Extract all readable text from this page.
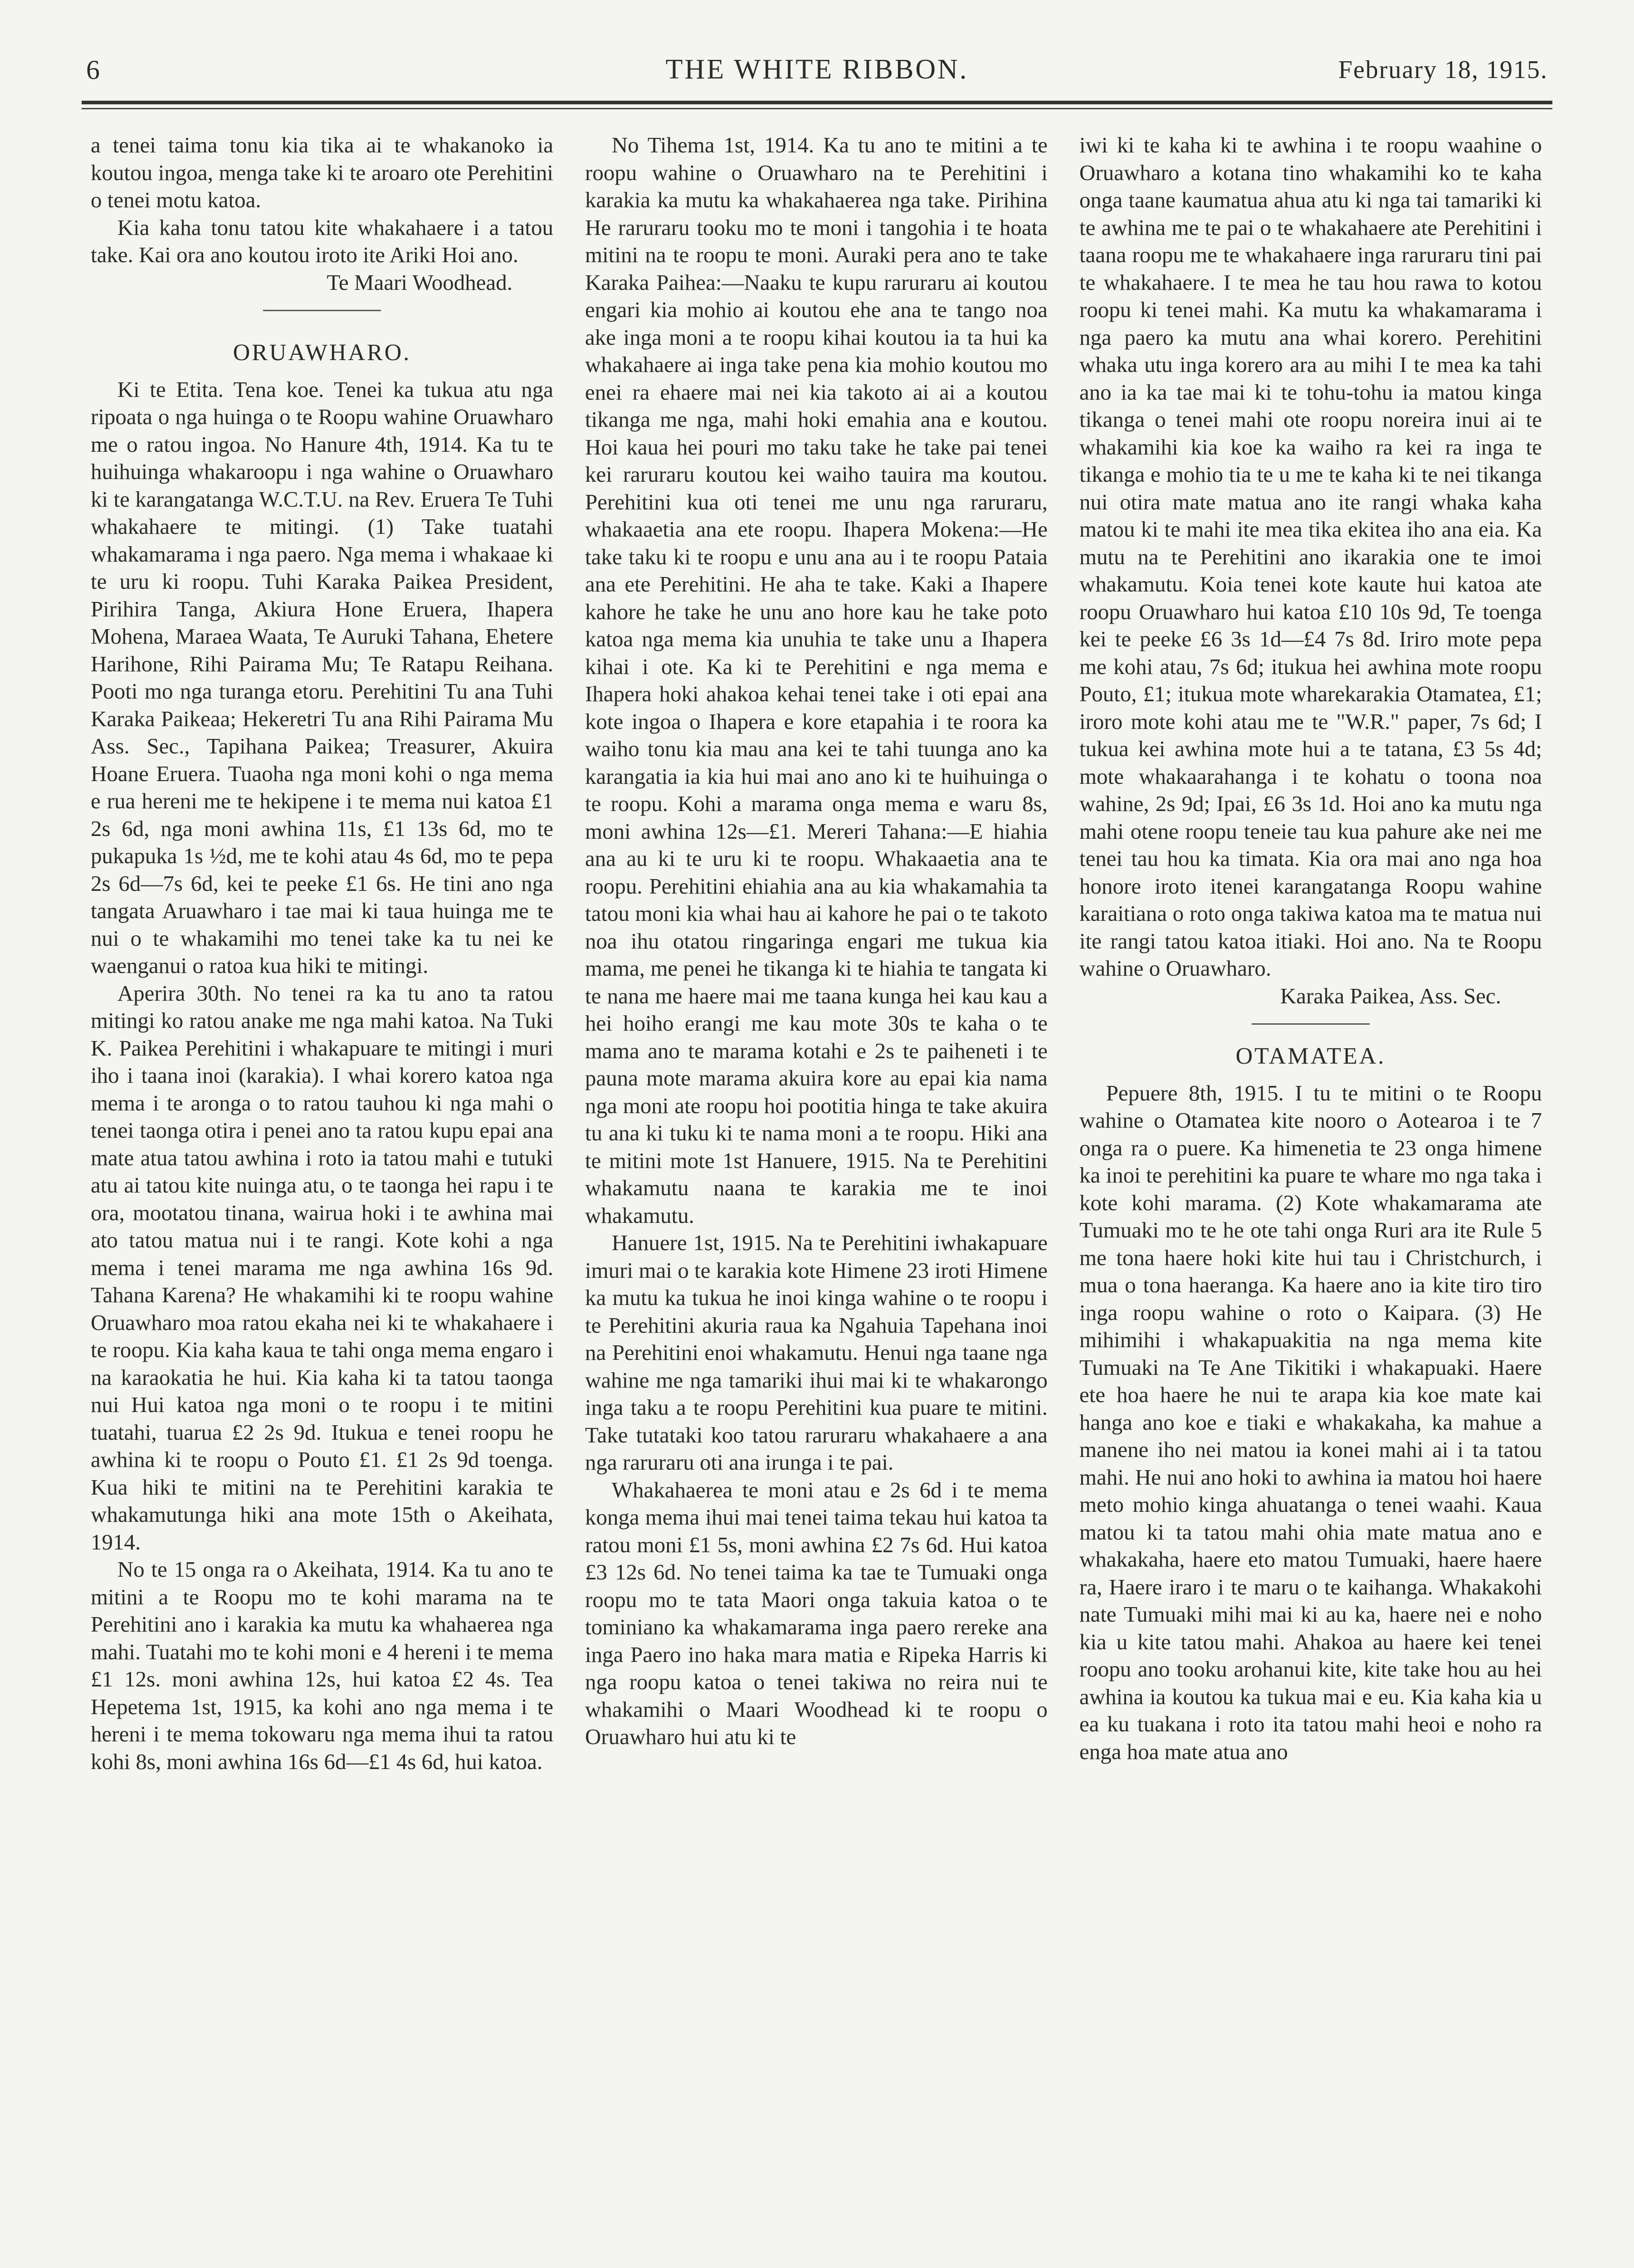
6	THE WHITE RIBBON.	February 18, 1915.

a tenei taima tonu kia tika ai te whakanoko ia koutou ingoa, menga take ki te aroaro ote Perehitini o tenei motu katoa.

Kia kaha tonu tatou kite whakahaere i a tatou take. Kai ora ano koutou iroto ite Ariki Hoi ano.

Te Maari Woodhead.

ORUAWHARO.

Ki te Etita. Tena koe. Tenei ka tukua atu nga ripoata o nga huinga o te Roopu wahine Oruawharo me o ratou ingoa. No Hanure 4th, 1914. Ka tu te huihuinga whakaroopu i nga wahine o Oruawharo ki te karangatanga W.C.T.U. na Rev. Eruera Te Tuhi whakahaere te mitingi. (1) Take tuatahi whakamarama i nga paero. Nga mema i whakaae ki te uru ki roopu. Tuhi Karaka Paikea President, Pirihira Tanga, Akiura Hone Eruera, Ihapera Mohena, Maraea Waata, Te Auruki Tahana, Ehetere Harihone, Rihi Pairama Mu; Te Ratapu Reihana. Pooti mo nga turanga etoru. Perehitini Tu ana Tuhi Karaka Paikeaa; Hekeretri Tu ana Rihi Pairama Mu Ass. Sec., Tapihana Paikea; Treasurer, Akuira Hoane Eruera. Tuaoha nga moni kohi o nga mema e rua hereni me te hekipene i te mema nui katoa £1 2s 6d, nga moni awhina 11s, £1 13s 6d, mo te pukapuka 1s ½d, me te kohi atau 4s 6d, mo te pepa 2s 6d—7s 6d, kei te peeke £1 6s. He tini ano nga tangata Aruawharo i tae mai ki taua huinga me te nui o te whakamihi mo tenei take ka tu nei ke waenganui o ratoa kua hiki te mitingi.

Aperira 30th. No tenei ra ka tu ano ta ratou mitingi ko ratou anake me nga mahi katoa. Na Tuki K. Paikea Perehitini i whakapuare te mitingi i muri iho i taana inoi (karakia). I whai korero katoa nga mema i te aronga o to ratou tauhou ki nga mahi o tenei taonga otira i penei ano ta ratou kupu epai ana mate atua tatou awhina i roto ia tatou mahi e tutuki atu ai tatou kite nuinga atu, o te taonga hei rapu i te ora, mootatou tinana, wairua hoki i te awhina mai ato tatou matua nui i te rangi. Kote kohi a nga mema i tenei marama me nga awhina 16s 9d. Tahana Karena? He whakamihi ki te roopu wahine Oruawharo moa ratou ekaha nei ki te whakahaere i te roopu. Kia kaha kaua te tahi onga mema engaro i na karaokatia he hui. Kia kaha ki ta tatou taonga nui Hui katoa nga moni o te roopu i te mitini tuatahi, tuarua £2 2s 9d. Itukua e tenei roopu he awhina ki te roopu o Pouto £1. £1 2s 9d toenga. Kua hiki te mitini na te Perehitini karakia te whakamutunga hiki ana mote 15th o Akeihata, 1914.

No te 15 onga ra o Akeihata, 1914. Ka tu ano te mitini a te Roopu mo te kohi marama na te Perehitini ano i karakia ka mutu ka whahaerea nga mahi. Tuatahi mo te kohi moni e 4 hereni i te mema £1 12s. moni awhina 12s, hui katoa £2 4s. Tea Hepetema 1st, 1915, ka kohi ano nga mema i te hereni i te mema tokowaru nga mema ihui ta ratou kohi 8s, moni awhina 16s 6d—£1 4s 6d, hui katoa.

No Tihema 1st, 1914. Ka tu ano te mitini a te roopu wahine o Oruawharo na te Perehitini i karakia ka mutu ka whakahaerea nga take. Pirihina He raruraru tooku mo te moni i tangohia i te hoata mitini na te roopu te moni. Auraki pera ano te take Karaka Paihea:—Naaku te kupu raruraru ai koutou engari kia mohio ai koutou ehe ana te tango noa ake inga moni a te roopu kihai koutou ia ta hui ka whakahaere ai inga take pena kia mohio koutou mo enei ra ehaere mai nei kia takoto ai ai a koutou tikanga me nga, mahi hoki emahia ana e koutou. Hoi kaua hei pouri mo taku take he take pai tenei kei raruraru koutou kei waiho tauira ma koutou. Perehitini kua oti tenei me unu nga raruraru, whakaaetia ana ete roopu. Ihapera Mokena:—He take taku ki te roopu e unu ana au i te roopu Pataia ana ete Perehitini. He aha te take. Kaki a Ihapere kahore he take he unu ano hore kau he take poto katoa nga mema kia unuhia te take unu a Ihapera kihai i ote. Ka ki te Perehitini e nga mema e Ihapera hoki ahakoa kehai tenei take i oti epai ana kote ingoa o Ihapera e kore etapahia i te roora ka waiho tonu kia mau ana kei te tahi tuunga ano ka karangatia ia kia hui mai ano ano ki te huihuinga o te roopu. Kohi a marama onga mema e waru 8s, moni awhina 12s—£1. Mereri Tahana:—E hiahia ana au ki te uru ki te roopu. Whakaaetia ana te roopu. Perehitini ehiahia ana au kia whakamahia ta tatou moni kia whai hau ai kahore he pai o te takoto noa ihu otatou ringaringa engari me tukua kia mama, me penei he tikanga ki te hiahia te tangata ki te nana me haere mai me taana kunga hei kau kau a hei hoiho erangi me kau mote 30s te kaha o te mama ano te marama kotahi e 2s te paiheneti i te pauna mote marama akuira kore au epai kia nama nga moni ate roopu hoi pootitia hinga te take akuira tu ana ki tuku ki te nama moni a te roopu. Hiki ana te mitini mote 1st Hanuere, 1915. Na te Perehitini whakamutu naana te karakia me te inoi whakamutu.

Hanuere 1st, 1915. Na te Perehitini iwhakapuare imuri mai o te karakia kote Himene 23 iroti Himene ka mutu ka tukua he inoi kinga wahine o te roopu i te Perehitini akuria raua ka Ngahuia Tapehana inoi na Perehitini enoi whakamutu. Henui nga taane nga wahine me nga tamariki ihui mai ki te whakarongo inga taku a te roopu Perehitini kua puare te mitini. Take tutataki koo tatou raruraru whakahaere a ana nga raruraru oti ana irunga i te pai.

Whakahaerea te moni atau e 2s 6d i te mema konga mema ihui mai tenei taima tekau hui katoa ta ratou moni £1 5s, moni awhina £2 7s 6d. Hui katoa £3 12s 6d. No tenei taima ka tae te Tumuaki onga roopu mo te tata Maori onga takuia katoa o te tominiano ka whakamarama inga paero rereke ana inga Paero ino haka mara matia e Ripeka Harris ki nga roopu katoa o tenei takiwa no reira nui te whakamihi o Maari Woodhead ki te roopu o Oruawharo hui atu ki te

iwi ki te kaha ki te awhina i te roopu waahine o Oruawharo a kotana tino whakamihi ko te kaha onga taane kaumatua ahua atu ki nga tai tamariki ki te awhina me te pai o te whakahaere ate Perehitini i taana roopu me te whakahaere inga raruraru tini pai te whakahaere. I te mea he tau hou rawa to kotou roopu ki tenei mahi. Ka mutu ka whakamarama i nga paero ka mutu ana whai korero. Perehitini whaka utu inga korero ara au mihi I te mea ka tahi ano ia ka tae mai ki te tohu-tohu ia matou kinga tikanga o tenei mahi ote roopu noreira inui ai te whakamihi kia koe ka waiho ra kei ra inga te tikanga e mohio tia te u me te kaha ki te nei tikanga nui otira mate matua ano ite rangi whaka kaha matou ki te mahi ite mea tika ekitea iho ana eia. Ka mutu na te Perehitini ano ikarakia one te imoi whakamutu. Koia tenei kote kaute hui katoa ate roopu Oruawharo hui katoa £10 10s 9d, Te toenga kei te peeke £6 3s 1d—£4 7s 8d. Iriro mote pepa me kohi atau, 7s 6d; itukua hei awhina mote roopu Pouto, £1; itukua mote wharekarakia Otamatea, £1; iroro mote kohi atau me te "W.R." paper, 7s 6d; I tukua kei awhina mote hui a te tatana, £3 5s 4d; mote whakaarahanga i te kohatu o toona noa wahine, 2s 9d; Ipai, £6 3s 1d. Hoi ano ka mutu nga mahi otene roopu teneie tau kua pahure ake nei me tenei tau hou ka timata. Kia ora mai ano nga hoa honore iroto itenei karangatanga Roopu wahine karaitiana o roto onga takiwa katoa ma te matua nui ite rangi tatou katoa itiaki. Hoi ano. Na te Roopu wahine o Oruawharo.

Karaka Paikea, Ass. Sec.

OTAMATEA.

Pepuere 8th, 1915. I tu te mitini o te Roopu wahine o Otamatea kite nooro o Aotearoa i te 7 onga ra o puere. Ka himenetia te 23 onga himene ka inoi te perehitini ka puare te whare mo nga taka i kote kohi marama. (2) Kote whakamarama ate Tumuaki mo te he ote tahi onga Ruri ara ite Rule 5 me tona haere hoki kite hui tau i Christchurch, i mua o tona haeranga. Ka haere ano ia kite tiro tiro inga roopu wahine o roto o Kaipara. (3) He mihimihi i whakapuakitia na nga mema kite Tumuaki na Te Ane Tikitiki i whakapuaki. Haere ete hoa haere he nui te arapa kia koe mate kai hanga ano koe e tiaki e whakakaha, ka mahue a manene iho nei matou ia konei mahi ai i ta tatou mahi. He nui ano hoki to awhina ia matou hoi haere meto mohio kinga ahuatanga o tenei waahi. Kaua matou ki ta tatou mahi ohia mate matua ano e whakakaha, haere eto matou Tumuaki, haere haere ra, Haere iraro i te maru o te kaihanga. Whakakohi nate Tumuaki mihi mai ki au ka, haere nei e noho kia u kite tatou mahi. Ahakoa au haere kei tenei roopu ano tooku arohanui kite, kite take hou au hei awhina ia koutou ka tukua mai e eu. Kia kaha kia u ea ku tuakana i roto ita tatou mahi heoi e noho ra enga hoa mate atua ano
